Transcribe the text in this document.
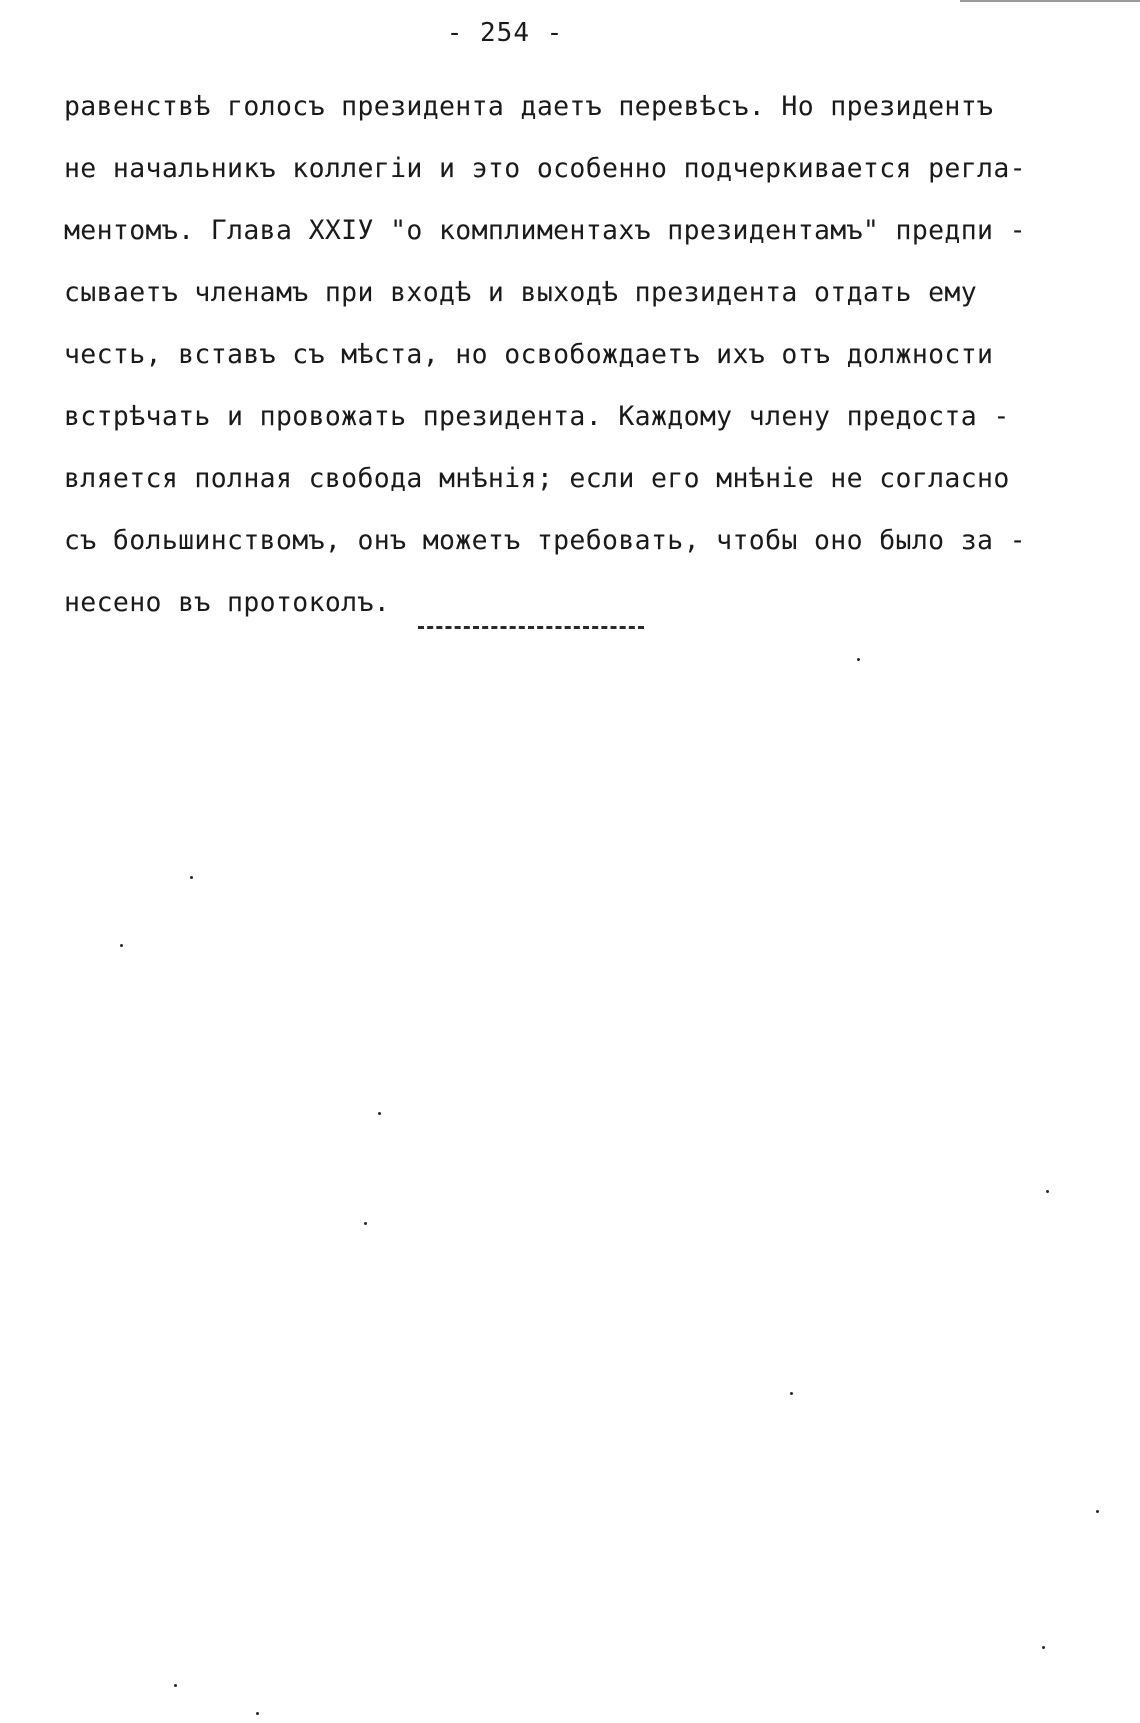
- 254 -

равенствѣ голосъ президента даетъ перевѣсъ. Но президентъ
не начальникъ коллегiи и это особенно подчеркивается регла-
ментомъ. Глава XXIУ "о комплиментахъ президентамъ" предпи -
сываетъ членамъ при входѣ и выходѣ президента отдать ему
честь, вставъ съ мѣста, но освобождаетъ ихъ отъ должности
встрѣчать и провожать президента. Каждому члену предоста -
вляется полная свобода мнѣнiя; если его мнѣнiе не согласно
съ большинствомъ, онъ можетъ требовать, чтобы оно было за -
несено въ протоколъ.
